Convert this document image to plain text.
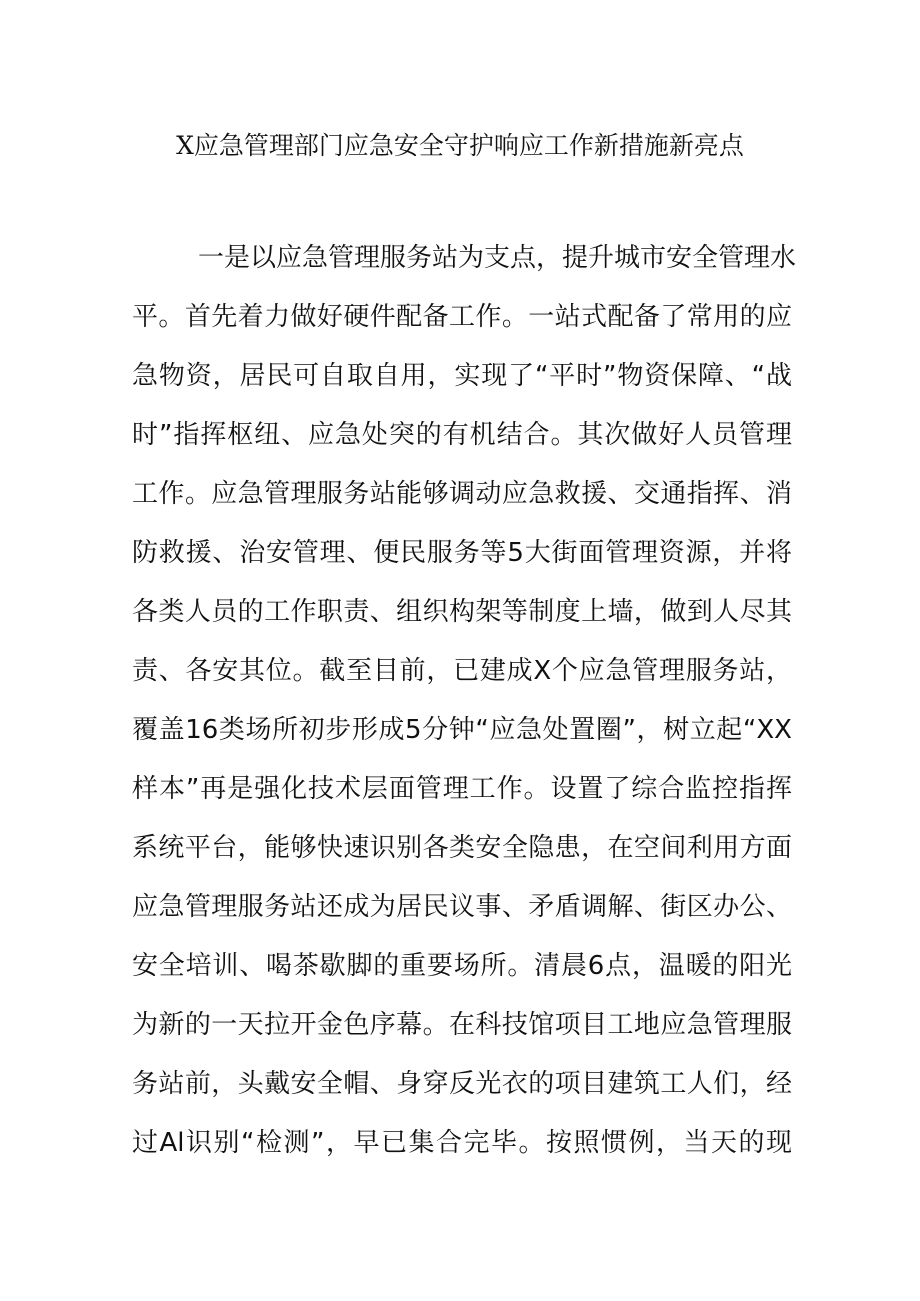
X应急管理部门应急安全守护响应工作新措施新亮点
一是以应急管理服务站为支点，提升城市安全管理水
平。首先着力做好硬件配备工作。一站式配备了常用的应
急物资，居民可自取自用，实现了“平时”物资保障、“战
时”指挥枢纽、应急处突的有机结合。其次做好人员管理
工作。应急管理服务站能够调动应急救援、交通指挥、消
防救援、治安管理、便民服务等5大街面管理资源，并将
各类人员的工作职责、组织构架等制度上墙，做到人尽其
责、各安其位。截至目前，已建成X个应急管理服务站，
覆盖16类场所初步形成5分钟“应急处置圈”，树立起“XX
样本”再是强化技术层面管理工作。设置了综合监控指挥
系统平台，能够快速识别各类安全隐患，在空间利用方面
应急管理服务站还成为居民议事、矛盾调解、街区办公、
安全培训、喝茶歇脚的重要场所。清晨6点，温暖的阳光
为新的一天拉开金色序幕。在科技馆项目工地应急管理服
务站前，头戴安全帽、身穿反光衣的项目建筑工人们，经
过Al识别“检测”，早已集合完毕。按照惯例，当天的现
